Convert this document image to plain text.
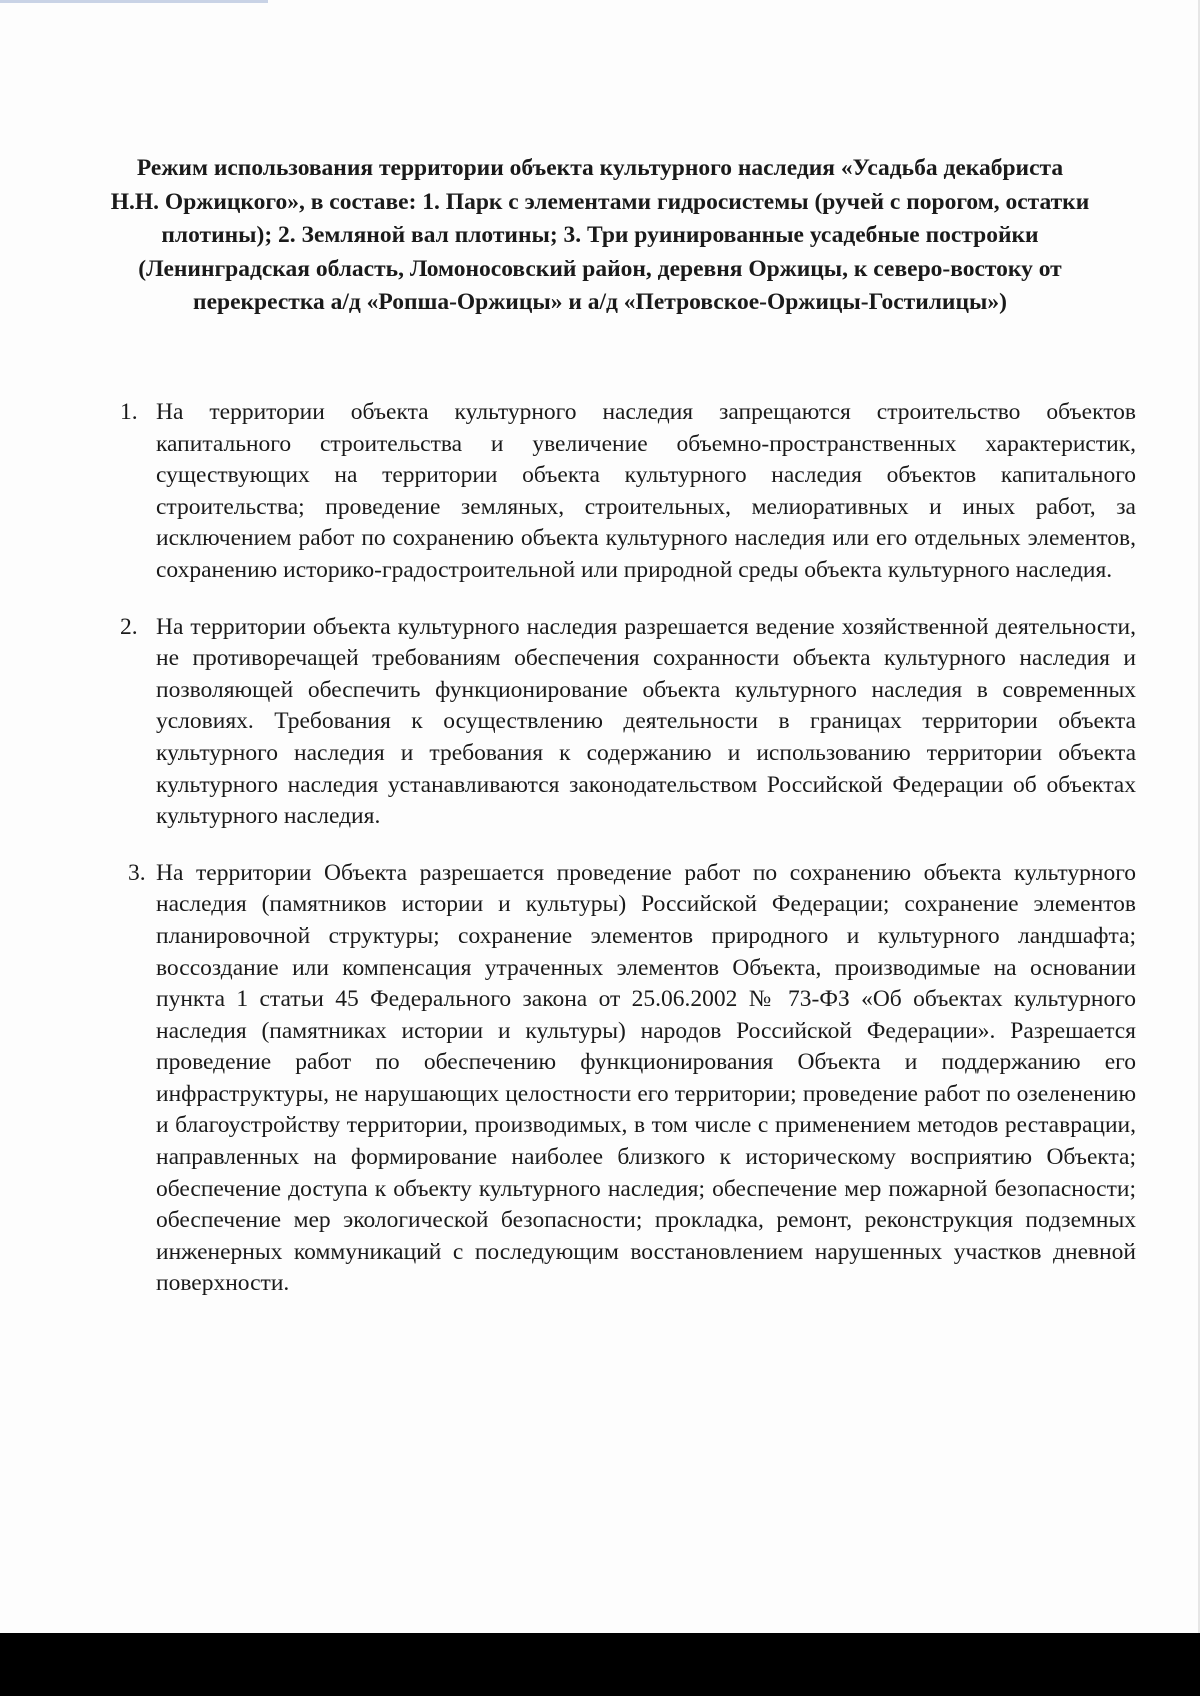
Режим использования территории объекта культурного наследия «Усадьба декабриста Н.Н. Оржицкого», в составе: 1. Парк с элементами гидросистемы (ручей с порогом, остатки плотины); 2. Земляной вал плотины; 3. Три руинированные усадебные постройки (Ленинградская область, Ломоносовский район, деревня Оржицы, к северо-востоку от перекрестка а/д «Ропша-Оржицы» и а/д «Петровское-Оржицы-Гостилицы»)
1. На территории объекта культурного наследия запрещаются строительство объектов капитального строительства и увеличение объемно-пространственных характеристик, существующих на территории объекта культурного наследия объектов капитального строительства; проведение земляных, строительных, мелиоративных и иных работ, за исключением работ по сохранению объекта культурного наследия или его отдельных элементов, сохранению историко-градостроительной или природной среды объекта культурного наследия.
2. На территории объекта культурного наследия разрешается ведение хозяйственной деятельности, не противоречащей требованиям обеспечения сохранности объекта культурного наследия и позволяющей обеспечить функционирование объекта культурного наследия в современных условиях. Требования к осуществлению деятельности в границах территории объекта культурного наследия и требования к содержанию и использованию территории объекта культурного наследия устанавливаются законодательством Российской Федерации об объектах культурного наследия.
3. На территории Объекта разрешается проведение работ по сохранению объекта культурного наследия (памятников истории и культуры) Российской Федерации; сохранение элементов планировочной структуры; сохранение элементов природного и культурного ландшафта; воссоздание или компенсация утраченных элементов Объекта, производимые на основании пункта 1 статьи 45 Федерального закона от 25.06.2002 № 73-ФЗ «Об объектах культурного наследия (памятниках истории и культуры) народов Российской Федерации». Разрешается проведение работ по обеспечению функционирования Объекта и поддержанию его инфраструктуры, не нарушающих целостности его территории; проведение работ по озеленению и благоустройству территории, производимых, в том числе с применением методов реставрации, направленных на формирование наиболее близкого к историческому восприятию Объекта; обеспечение доступа к объекту культурного наследия; обеспечение мер пожарной безопасности; обеспечение мер экологической безопасности; прокладка, ремонт, реконструкция подземных инженерных коммуникаций с последующим восстановлением нарушенных участков дневной поверхности.
